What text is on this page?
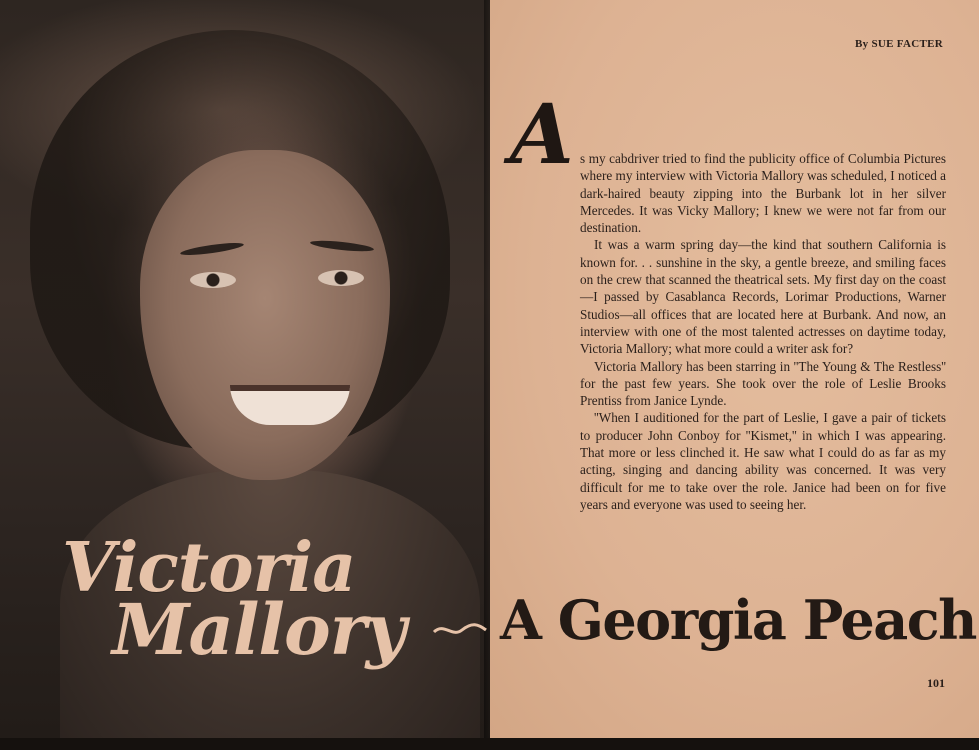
Victoria
Mallory
By SUE FACTER
A s my cabdriver tried to find the publicity office of Columbia Pictures where my interview with Victoria Mallory was scheduled, I noticed a dark-haired beauty zipping into the Burbank lot in her silver Mercedes. It was Vicky Mallory; I knew we were not far from our destination.

It was a warm spring day—the kind that southern California is known for. . . sunshine in the sky, a gentle breeze, and smiling faces on the crew that scanned the theatrical sets. My first day on the coast—I passed by Casablanca Records, Lorimar Productions, Warner Studios—all offices that are located here at Burbank. And now, an interview with one of the most talented actresses on daytime today, Victoria Mallory; what more could a writer ask for?

Victoria Mallory has been starring in ''The Young & The Restless'' for the past few years. She took over the role of Leslie Brooks Prentiss from Janice Lynde.

''When I auditioned for the part of Leslie, I gave a pair of tickets to producer John Conboy for ''Kismet,'' in which I was appearing. That more or less clinched it. He saw what I could do as far as my acting, singing and dancing ability was concerned. It was very difficult for me to take over the role. Janice had been on for five years and everyone was used to seeing her.

101
A Georgia Peach
